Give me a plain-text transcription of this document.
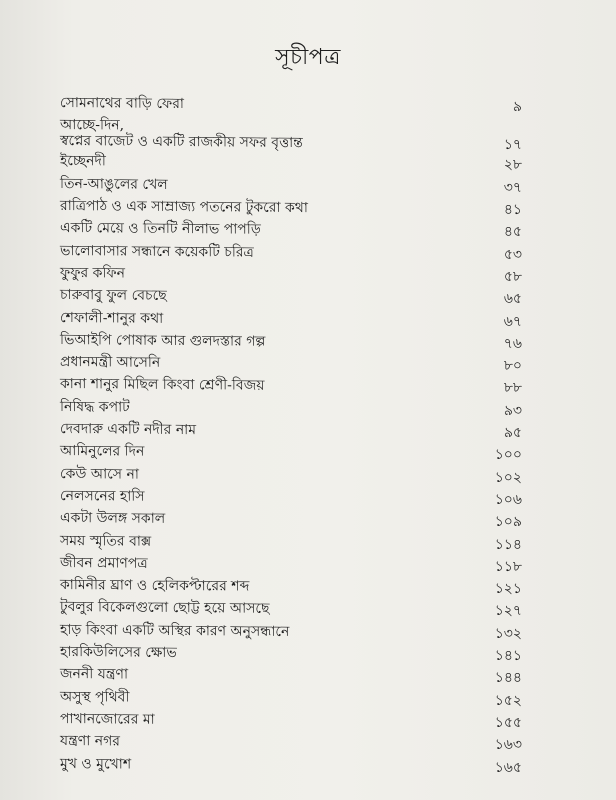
সূচীপত্র
সোমনাথের বাড়ি ফেরা	৯
আচ্ছে-দিন,
স্বপ্নের বাজেট ও একটি রাজকীয় সফর বৃত্তান্ত	১৭
ইচ্ছেনদী	২৮
তিন-আঙুলের খেল	৩৭
রাত্রিপাঠ ও এক সাম্রাজ্য পতনের টুকরো কথা	৪১
একটি মেয়ে ও তিনটি নীলাভ পাপড়ি	৪৫
ভালোবাসার সন্ধানে কয়েকটি চরিত্র	৫৩
ফুফুর কফিন	৫৮
চারুবাবু ফুল বেচছে	৬৫
শেফালী-শানুর কথা	৬৭
ভিআইপি পোষাক আর গুলদস্তার গল্প	৭৬
প্রধানমন্ত্রী আসেনি	৮০
কানা শানুর মিছিল কিংবা শ্রেণী-বিজয়	৮৮
নিষিদ্ধ কপাট	৯৩
দেবদারু একটি নদীর নাম	৯৫
আমিনুলের দিন	১০০
কেউ আসে না	১০২
নেলসনের হাসি	১০৬
একটা উলঙ্গ সকাল	১০৯
সময় স্মৃতির বাক্স	১১৪
জীবন প্রমাণপত্র	১১৮
কামিনীর ঘ্রাণ ও হেলিকপ্টারের শব্দ	১২১
টুবলুর বিকেলগুলো ছোট্ট হয়ে আসছে	১২৭
হাড় কিংবা একটি অস্থির কারণ অনুসন্ধানে	১৩২
হারকিউলিসের ক্ষোভ	১৪১
জননী যন্ত্রণা	১৪৪
অসুস্থ পৃথিবী	১৫২
পাখানজোরের মা	১৫৫
যন্ত্রণা নগর	১৬৩
মুখ ও মুখোশ	১৬৫
